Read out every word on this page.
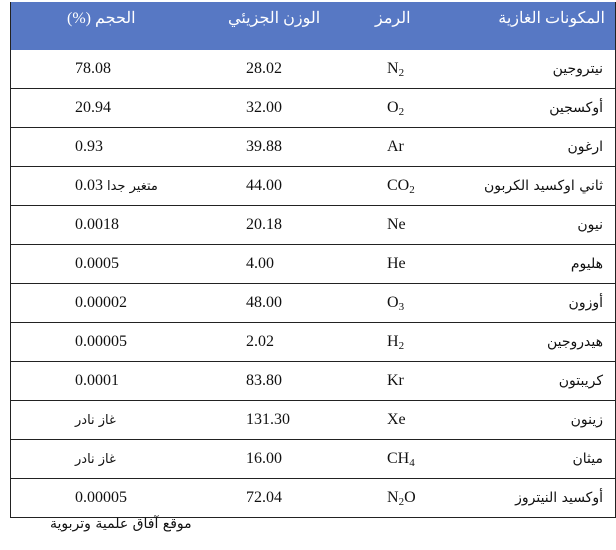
المكونات الغازية	الرمز	الوزن الجزيئي	الحجم (%)
نيتروجين	$N_2$	28.02	78.08
أوكسجين	$O_2$	32.00	20.94
ارغون	Ar	39.88	0.93
ثاني اوكسيد الكربون	$CO_2$	44.00	0.03 متغير جدا
نيون	Ne	20.18	0.0018
هليوم	He	4.00	0.0005
أوزون	$O_3$	48.00	0.00002
هيدروجين	$H_2$	2.02	0.00005
كريبتون	Kr	83.80	0.0001
زينون	Xe	131.30	غاز نادر
ميثان	$CH_4$	16.00	غاز نادر
أوكسيد النيتروز	$N_2O$	72.04	0.00005
موقع آفاق علمية وتربوية
